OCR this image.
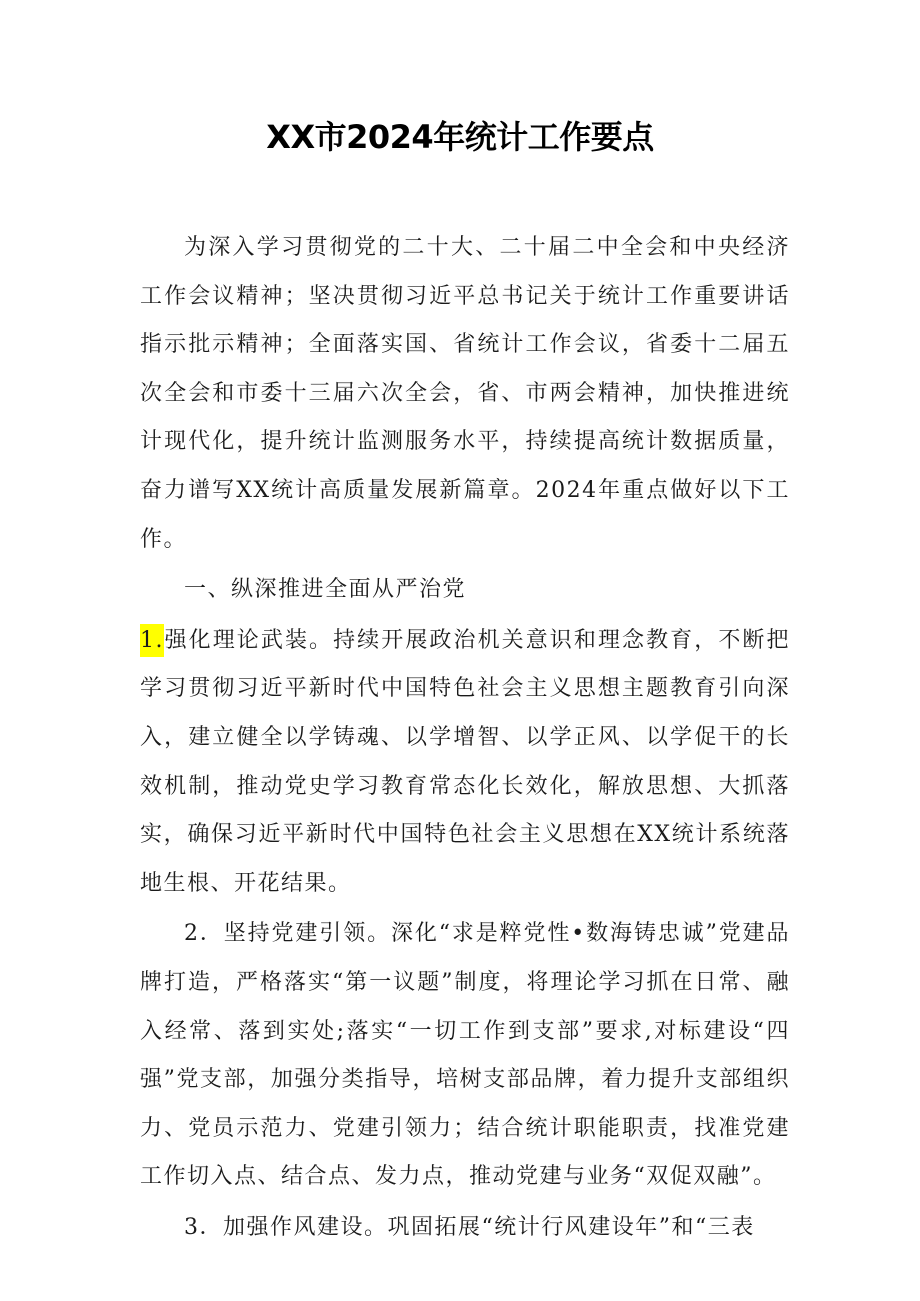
XX市2024年统计工作要点

为深入学习贯彻党的二十大、二十届二中全会和中央经济工作会议精神；坚决贯彻习近平总书记关于统计工作重要讲话指示批示精神；全面落实国、省统计工作会议，省委十二届五次全会和市委十三届六次全会，省、市两会精神，加快推进统计现代化，提升统计监测服务水平，持续提高统计数据质量，奋力谱写XX统计高质量发展新篇章。2024年重点做好以下工作。

一、纵深推进全面从严治党

1.强化理论武装。持续开展政治机关意识和理念教育，不断把学习贯彻习近平新时代中国特色社会主义思想主题教育引向深入，建立健全以学铸魂、以学增智、以学正风、以学促干的长效机制，推动党史学习教育常态化长效化，解放思想、大抓落实，确保习近平新时代中国特色社会主义思想在XX统计系统落地生根、开花结果。

2．坚持党建引领。深化“求是粹党性•数海铸忠诚”党建品牌打造，严格落实“第一议题”制度，将理论学习抓在日常、融入经常、落到实处;落实“一切工作到支部”要求,对标建设“四强”党支部，加强分类指导，培树支部品牌，着力提升支部组织力、党员示范力、党建引领力；结合统计职能职责，找准党建工作切入点、结合点、发力点，推动党建与业务“双促双融”。

3．加强作风建设。巩固拓展“统计行风建设年”和“三表
